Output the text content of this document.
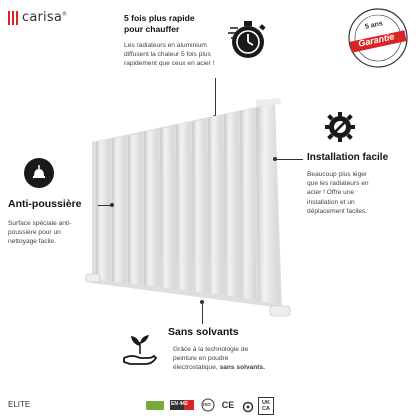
carisa®	5 fois plus rapide
pour chauffer
Les radiateurs en aluminium
diffusent la chaleur 5 fois plus
rapidement que ceux en acier !
5 ans
Garantie
Installation facile
Beaucoup plus léger
que les radiateurs en
acier ! Offre une
installation et un
déplacement faciles.
Anti-poussière
Surface spéciale anti-
poussière pour un
nettoyage facile.
Sans solvants
Grâce à la technologie de
peinture en poudre
électrostatique, sans solvants.
ELITE	EN 442	ISO	CE	UK CA
